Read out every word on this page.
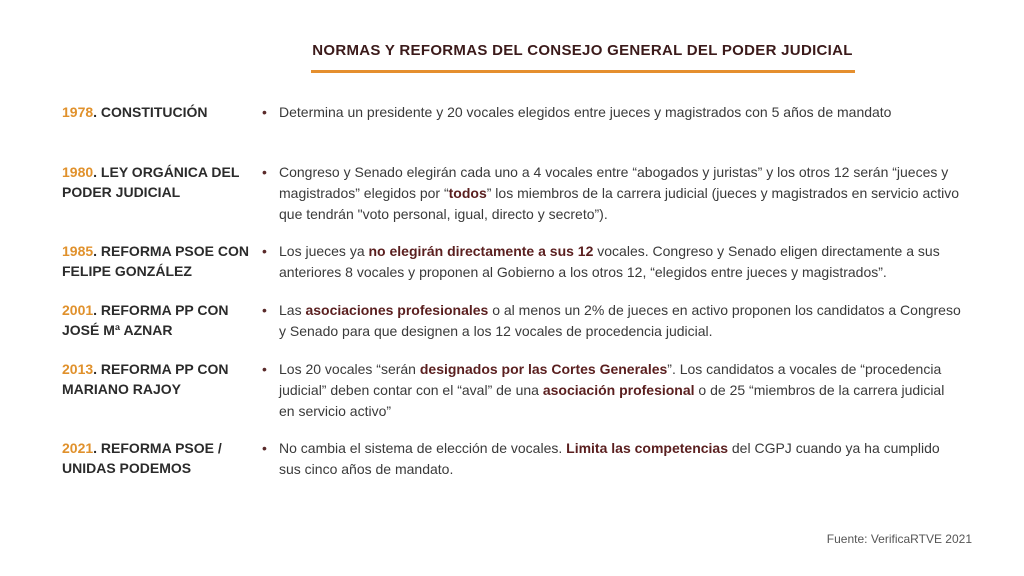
NORMAS Y REFORMAS DEL CONSEJO GENERAL DEL PODER JUDICIAL
1978. CONSTITUCIÓN	• Determina un presidente y 20 vocales elegidos entre jueces y magistrados con 5 años de mandato
1980. LEY ORGÁNICA DEL PODER JUDICIAL
• Congreso y Senado elegirán cada uno a 4 vocales entre “abogados y juristas” y los otros 12 serán “jueces y magistrados” elegidos por “todos” los miembros de la carrera judicial (jueces y magistrados en servicio activo que tendrán "voto personal, igual, directo y secreto”).
1985. REFORMA PSOE CON FELIPE GONZÁLEZ
• Los jueces ya no elegirán directamente a sus 12 vocales. Congreso y Senado eligen directamente a sus anteriores 8 vocales y proponen al Gobierno a los otros 12, “elegidos entre jueces y magistrados”.
2001. REFORMA PP CON JOSÉ Mª AZNAR
• Las asociaciones profesionales o al menos un 2% de jueces en activo proponen los candidatos a Congreso y Senado para que designen a los 12 vocales de procedencia judicial.
2013. REFORMA PP CON MARIANO RAJOY
• Los 20 vocales “serán designados por las Cortes Generales”. Los candidatos a vocales de “procedencia judicial” deben contar con el “aval” de una asociación profesional o de 25 “miembros de la carrera judicial en servicio activo”
2021. REFORMA PSOE / UNIDAS PODEMOS
• No cambia el sistema de elección de vocales. Limita las competencias del CGPJ cuando ya ha cumplido sus cinco años de mandato.
Fuente: VerificaRTVE 2021
